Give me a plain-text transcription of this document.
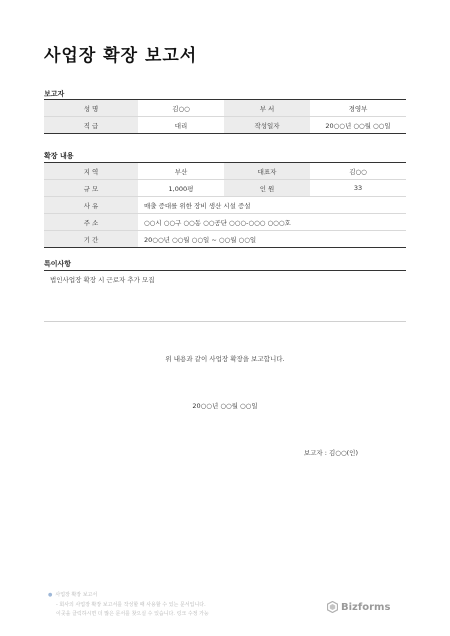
사업장 확장 보고서
보고자
성 명	김○○	부 서	경영부
직 급	대리	작성일자	20○○년 ○○월 ○○일
확장 내용
지 역	부산	대표자	김○○
규 모	1,000평	인 원	33
사 유	매출 증대를 위한 장비 생산 시설 증설		
주 소	○○시 ○○구 ○○동 ○○공단 ○○○-○○○ ○○○호		
기 간	20○○년 ○○월 ○○일 ~ ○○월 ○○일		
특이사항
법인사업장 확장 시 근로자 추가 모집
위 내용과 같이 사업장 확장을 보고합니다.
20○○년 ○○월 ○○일
보고자 : 김○○(인)
● 사업장 확장 보고서
- 회사의 사업장 확장 보고서를 작성할 때 사용할 수 있는 문서입니다.
이곳을 클릭하시면 더 많은 문서를 찾으실 수 있습니다. 링크 수정 가능
Bizforms
